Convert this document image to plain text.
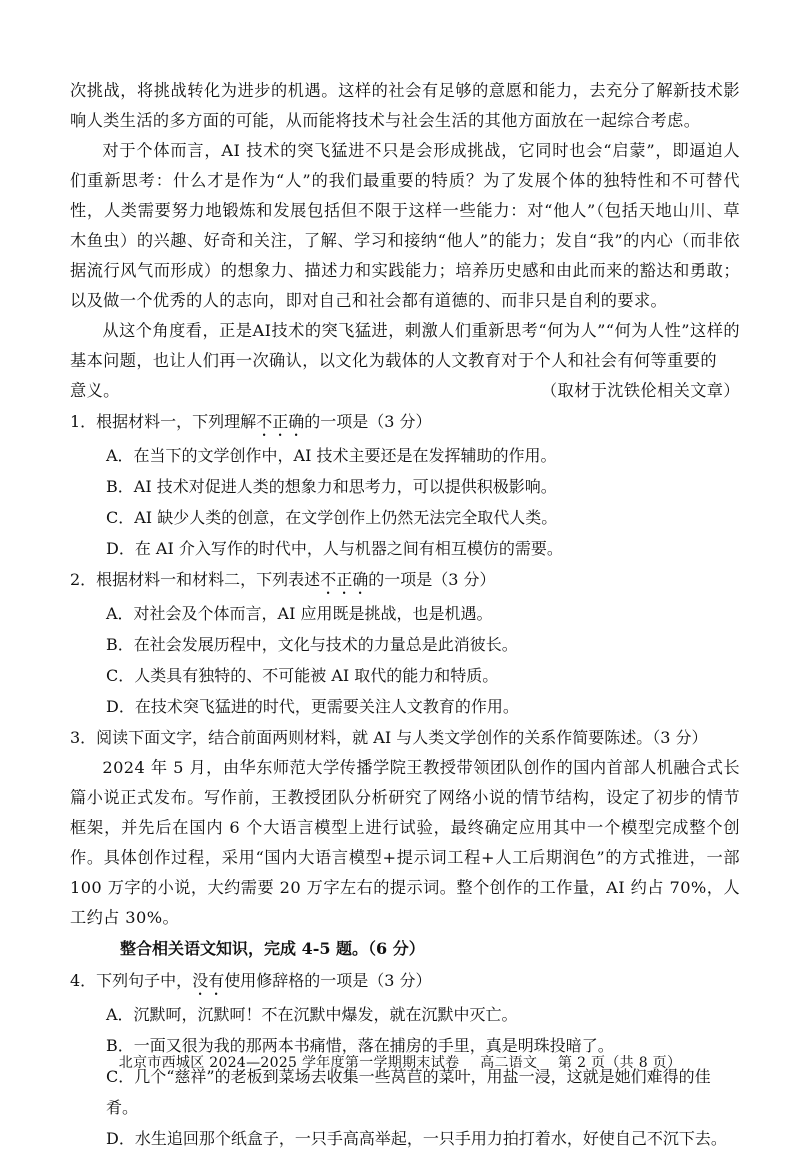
次挑战，将挑战转化为进步的机遇。这样的社会有足够的意愿和能力，去充分了解新技术影响人类生活的多方面的可能，从而能将技术与社会生活的其他方面放在一起综合考虑。

对于个体而言，AI 技术的突飞猛进不只是会形成挑战，它同时也会“启蒙”，即逼迫人们重新思考：什么才是作为“人”的我们最重要的特质？为了发展个体的独特性和不可替代性，人类需要努力地锻炼和发展包括但不限于这样一些能力：对“他人”（包括天地山川、草木鱼虫）的兴趣、好奇和关注，了解、学习和接纳“他人”的能力；发自“我”的内心（而非依据流行风气而形成）的想象力、描述力和实践能力；培养历史感和由此而来的豁达和勇敢；以及做一个优秀的人的志向，即对自己和社会都有道德的、而非只是自利的要求。

从这个角度看，正是AI技术的突飞猛进，刺激人们重新思考“何为人”“何为人性”这样的基本问题，也让人们再一次确认，以文化为载体的人文教育对于个人和社会有何等重要的

意义。	（取材于沈铁伦相关文章）

1．根据材料一，下列理解不正确的一项是（3 分）

A．在当下的文学创作中，AI 技术主要还是在发挥辅助的作用。

B．AI 技术对促进人类的想象力和思考力，可以提供积极影响。

C．AI 缺少人类的创意，在文学创作上仍然无法完全取代人类。

D．在 AI 介入写作的时代中，人与机器之间有相互模仿的需要。

2．根据材料一和材料二，下列表述不正确的一项是（3 分）

A．对社会及个体而言，AI 应用既是挑战，也是机遇。

B．在社会发展历程中，文化与技术的力量总是此消彼长。

C．人类具有独特的、不可能被 AI 取代的能力和特质。

D．在技术突飞猛进的时代，更需要关注人文教育的作用。

3．阅读下面文字，结合前面两则材料，就 AI 与人类文学创作的关系作简要陈述。（3 分）

2024 年 5 月，由华东师范大学传播学院王教授带领团队创作的国内首部人机融合式长篇小说正式发布。写作前，王教授团队分析研究了网络小说的情节结构，设定了初步的情节框架，并先后在国内 6 个大语言模型上进行试验，最终确定应用其中一个模型完成整个创作。具体创作过程，采用“国内大语言模型+提示词工程+人工后期润色”的方式推进，一部 100 万字的小说，大约需要 20 万字左右的提示词。整个创作的工作量，AI 约占 70%，人工约占 30%。

整合相关语文知识，完成 4-5 题。（6 分）

4．下列句子中，没有使用修辞格的一项是（3 分）

A．沉默呵，沉默呵！不在沉默中爆发，就在沉默中灭亡。

B．一面又很为我的那两本书痛惜，落在捕房的手里，真是明珠投暗了。

C．几个“慈祥”的老板到菜场去收集一些莴苣的菜叶，用盐一浸，这就是她们难得的佳肴。

D．水生追回那个纸盒子，一只手高高举起，一只手用力拍打着水，好使自己不沉下去。

北京市西城区 2024—2025 学年度第一学期期末试卷 高二语文 第 2 页（共 8 页）
